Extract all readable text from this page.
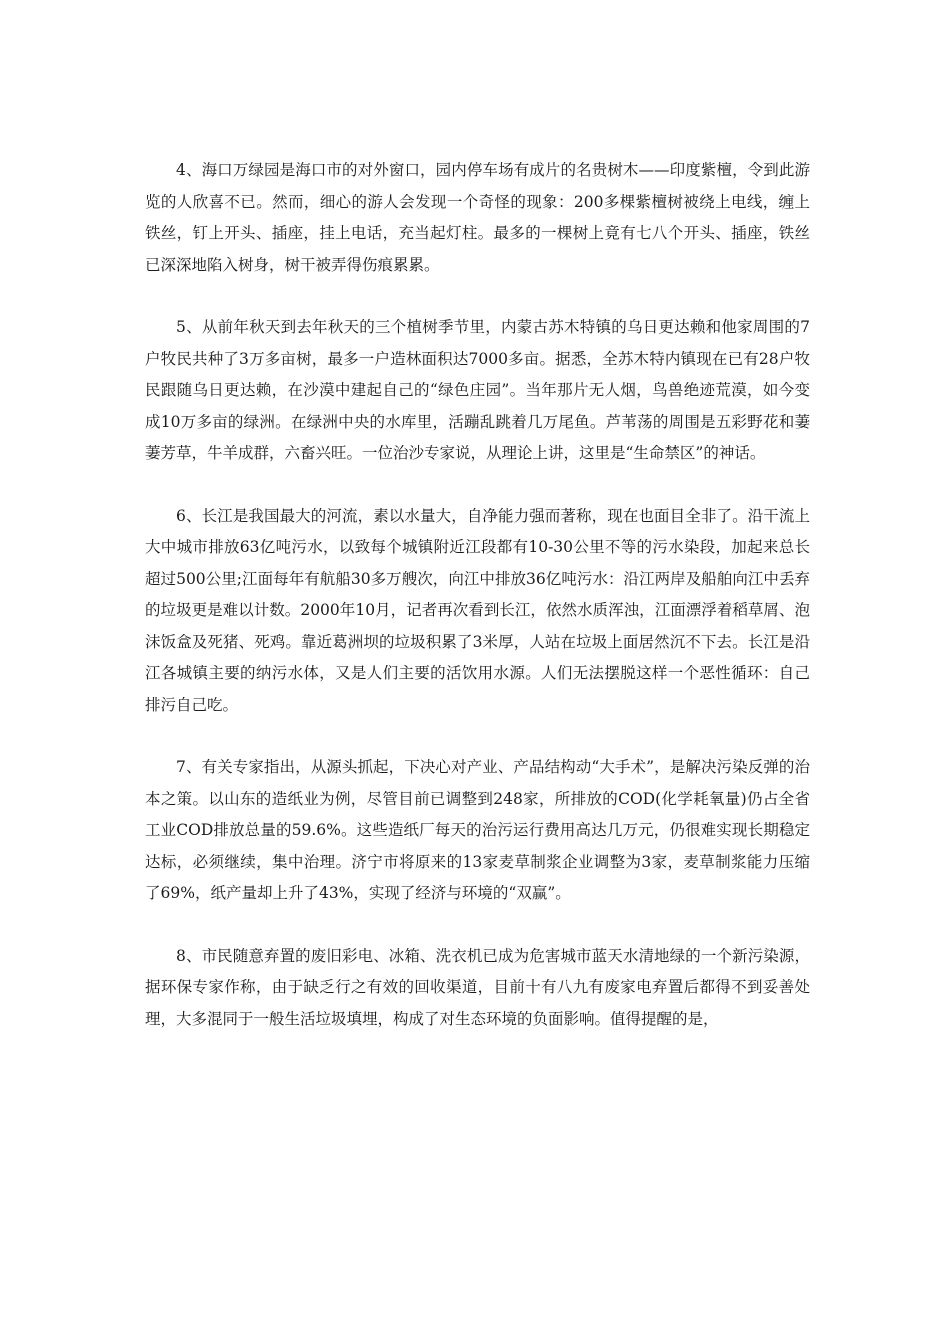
4、海口万绿园是海口市的对外窗口，园内停车场有成片的名贵树木——印度紫檀，令到此游览的人欣喜不已。然而，细心的游人会发现一个奇怪的现象：200多棵紫檀树被绕上电线，缠上铁丝，钉上开头、插座，挂上电话，充当起灯柱。最多的一棵树上竟有七八个开头、插座，铁丝已深深地陷入树身，树干被弄得伤痕累累。

5、从前年秋天到去年秋天的三个植树季节里，内蒙古苏木特镇的乌日更达赖和他家周围的7户牧民共种了3万多亩树，最多一户造林面积达7000多亩。据悉，全苏木特内镇现在已有28户牧民跟随乌日更达赖，在沙漠中建起自己的“绿色庄园”。当年那片无人烟，鸟兽绝迹荒漠，如今变成10万多亩的绿洲。在绿洲中央的水库里，活蹦乱跳着几万尾鱼。芦苇荡的周围是五彩野花和萋萋芳草，牛羊成群，六畜兴旺。一位治沙专家说，从理论上讲，这里是“生命禁区”的神话。

6、长江是我国最大的河流，素以水量大，自净能力强而著称，现在也面目全非了。沿干流上大中城市排放63亿吨污水，以致每个城镇附近江段都有10-30公里不等的污水染段，加起来总长超过500公里;江面每年有航船30多万艘次，向江中排放36亿吨污水：沿江两岸及船舶向江中丢弃的垃圾更是难以计数。2000年10月，记者再次看到长江，依然水质浑浊，江面漂浮着稻草屑、泡沫饭盒及死猪、死鸡。靠近葛洲坝的垃圾积累了3米厚，人站在垃圾上面居然沉不下去。长江是沿江各城镇主要的纳污水体，又是人们主要的活饮用水源。人们无法摆脱这样一个恶性循环：自己排污自己吃。

7、有关专家指出，从源头抓起，下决心对产业、产品结构动“大手术”，是解决污染反弹的治本之策。以山东的造纸业为例，尽管目前已调整到248家，所排放的COD(化学耗氧量)仍占全省工业COD排放总量的59.6%。这些造纸厂每天的治污运行费用高达几万元，仍很难实现长期稳定达标，必须继续，集中治理。济宁市将原来的13家麦草制浆企业调整为3家，麦草制浆能力压缩了69%，纸产量却上升了43%，实现了经济与环境的“双赢”。

8、市民随意弃置的废旧彩电、冰箱、洗衣机已成为危害城市蓝天水清地绿的一个新污染源，据环保专家作称，由于缺乏行之有效的回收渠道，目前十有八九有废家电弃置后都得不到妥善处理，大多混同于一般生活垃圾填埋，构成了对生态环境的负面影响。值得提醒的是，
